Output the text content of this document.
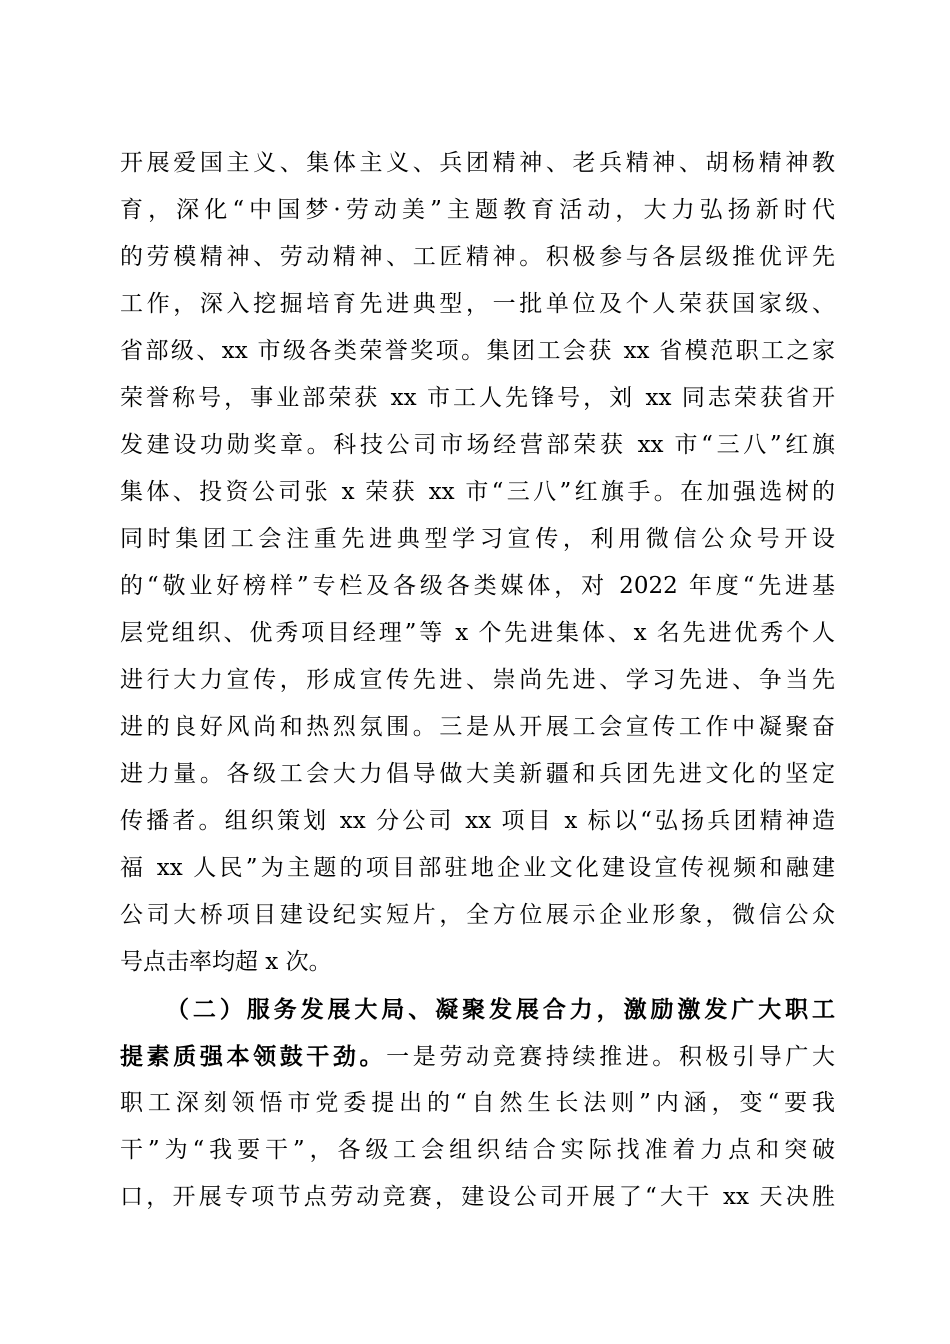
开展爱国主义、集体主义、兵团精神、老兵精神、胡杨精神教
育，深化“中国梦·劳动美”主题教育活动，大力弘扬新时代
的劳模精神、劳动精神、工匠精神。积极参与各层级推优评先
工作，深入挖掘培育先进典型，一批单位及个人荣获国家级、
省部级、xx 市级各类荣誉奖项。集团工会获 xx 省模范职工之家
荣誉称号，事业部荣获 xx 市工人先锋号，刘 xx 同志荣获省开
发建设功勋奖章。科技公司市场经营部荣获 xx 市“三八”红旗
集体、投资公司张 x 荣获 xx 市“三八”红旗手。在加强选树的
同时集团工会注重先进典型学习宣传，利用微信公众号开设
的“敬业好榜样”专栏及各级各类媒体，对 2022 年度“先进基
层党组织、优秀项目经理”等 x 个先进集体、x 名先进优秀个人
进行大力宣传，形成宣传先进、崇尚先进、学习先进、争当先
进的良好风尚和热烈氛围。三是从开展工会宣传工作中凝聚奋
进力量。各级工会大力倡导做大美新疆和兵团先进文化的坚定
传播者。组织策划 xx 分公司 xx 项目 x 标以“弘扬兵团精神造
福 xx 人民”为主题的项目部驻地企业文化建设宣传视频和融建
公司大桥项目建设纪实短片，全方位展示企业形象，微信公众
号点击率均超 x 次。
（二）服务发展大局、凝聚发展合力，激励激发广大职工
提素质强本领鼓干劲。一是劳动竞赛持续推进。积极引导广大
职工深刻领悟市党委提出的“自然生长法则”内涵，变“要我
干”为“我要干”，各级工会组织结合实际找准着力点和突破
口，开展专项节点劳动竞赛，建设公司开展了“大干 xx 天决胜
